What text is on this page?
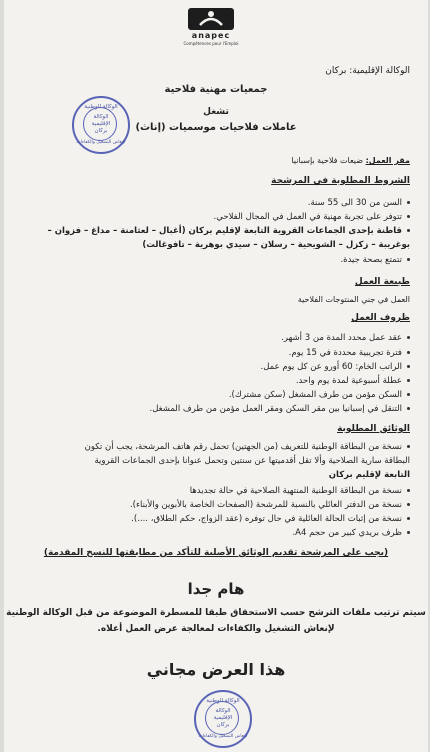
anapec
Compétences pour l'Emploi
الوكالة الإقليمية: بركان
الوكالة الوطنية
الوكالة
الإقليمية
بركان
لإنعاش التشغيل والكفاءات
جمعيات مهنية فلاحية
تشغل
عاملات فلاحيات موسميات (إناث)
مقر العمل: ضيعات فلاحية بإسبانيا
الشروط المطلوبة في المرشحة
السن من 30 الى 55 سنة.
تتوفر على تجربة مهنية في العمل في المجال الفلاحي.
قاطنة بإحدى الجماعات القروية التابعة لإقليم بركان (أغبال – لعثامنة – مداغ – فزوان –
بوغريبة – زكزل – الشويحية – رسلان – سيدي بوهرية – تافوغالت)
تتمتع بصحة جيدة.
طبيعة العمل
العمل في جني المنتوجات الفلاحية
ظروف العمل
عقد عمل محدد المدة من 3 أشهر.
فترة تجريبية محددة في 15 يوم.
الراتب الخام: 60 أورو عن كل يوم عمل.
عطلة أسبوعية لمدة يوم واحد.
السكن مؤمن من طرف المشغل (سكن مشترك).
التنقل في إسبانيا بين مقر السكن ومقر العمل مؤمن من طرف المشغل.
الوثائق المطلوبة
نسخة من البطاقة الوطنية للتعريف (من الجهتين) تحمل رقم هاتف المرشحة، يجب أن تكون
البطاقة سارية الصلاحية وألا تقل أقدميتها عن سنتين وتحمل عنوانا بإحدى الجماعات القروية
التابعة لإقليم بركان
نسخة من البطاقة الوطنية المنتهية الصلاحية في حالة تجديدها
نسخة من الدفتر العائلي بالنسبة للمرشحة (الصفحات الخاصة بالأبوين والأبناء).
نسخة من إثبات الحالة العائلية في حال توفره (عقد الزواج، حكم الطلاق، ....).
ظرف بريدي كبير من حجم A4.
(يجب على المرشحة تقديم الوثائق الأصلية للتأكد من مطابقتها للنسخ المقدمة)
هام جدا
سيتم ترتيب ملفات الترشح حسب الاستحقاق طبقا للمسطرة الموضوعة من قبل الوكالة الوطنية
لإنعاش التشغيل والكفاءات لمعالجة عرض العمل أعلاه.
هذا العرض مجاني
الوكالة الوطنية
الوكالة
الإقليمية
بركان
لإنعاش التشغيل والكفاءات
